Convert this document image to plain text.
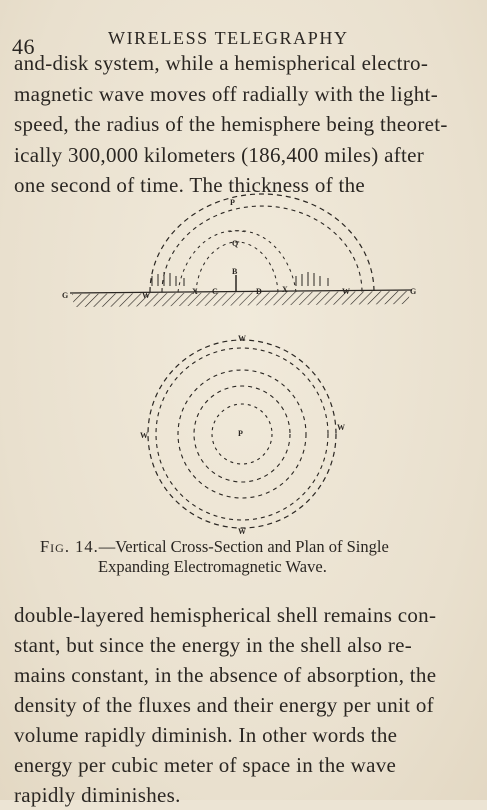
46	WIRELESS TELEGRAPHY
and-disk system, while a hemispherical electro-
magnetic wave moves off radially with the light-
speed, the radius of the hemisphere being theoret-
ically 300,000 kilometers (186,400 miles) after
one second of time. The thickness of the
P
Q
B
C	D
G	G
X	X
W	W
P
W
W
W
W
Fig. 14.—Vertical Cross-Section and Plan of Single
Expanding Electromagnetic Wave.
double-layered hemispherical shell remains con-
stant, but since the energy in the shell also re-
mains constant, in the absence of absorption, the
density of the fluxes and their energy per unit of
volume rapidly diminish. In other words the
energy per cubic meter of space in the wave
rapidly diminishes.
